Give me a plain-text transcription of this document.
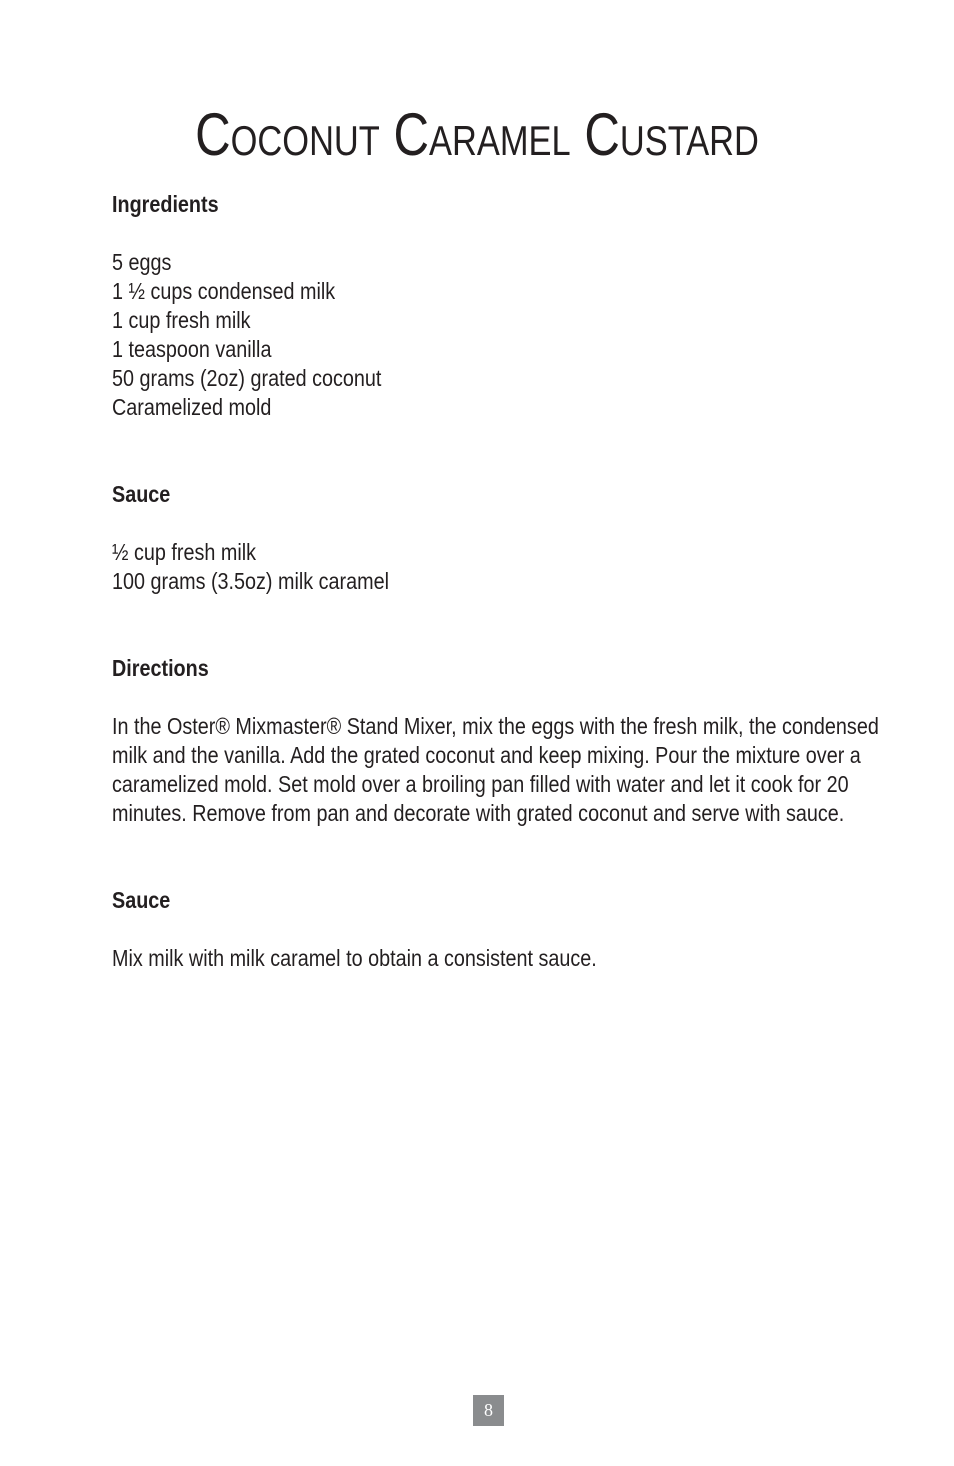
Coconut Caramel Custard
Ingredients
5 eggs
1 ½ cups condensed milk
1 cup fresh milk
1 teaspoon vanilla
50 grams (2oz) grated coconut
Caramelized mold
Sauce
½ cup fresh milk
100 grams (3.5oz) milk caramel
Directions

In the Oster® Mixmaster® Stand Mixer, mix the eggs with the fresh milk, the condensed milk and the vanilla. Add the grated coconut and keep mixing. Pour the mixture over a caramelized mold. Set mold over a broiling pan filled with water and let it cook for 20 minutes. Remove from pan and decorate with grated coconut and serve with sauce.

Sauce

Mix milk with milk caramel to obtain a consistent sauce.

8
